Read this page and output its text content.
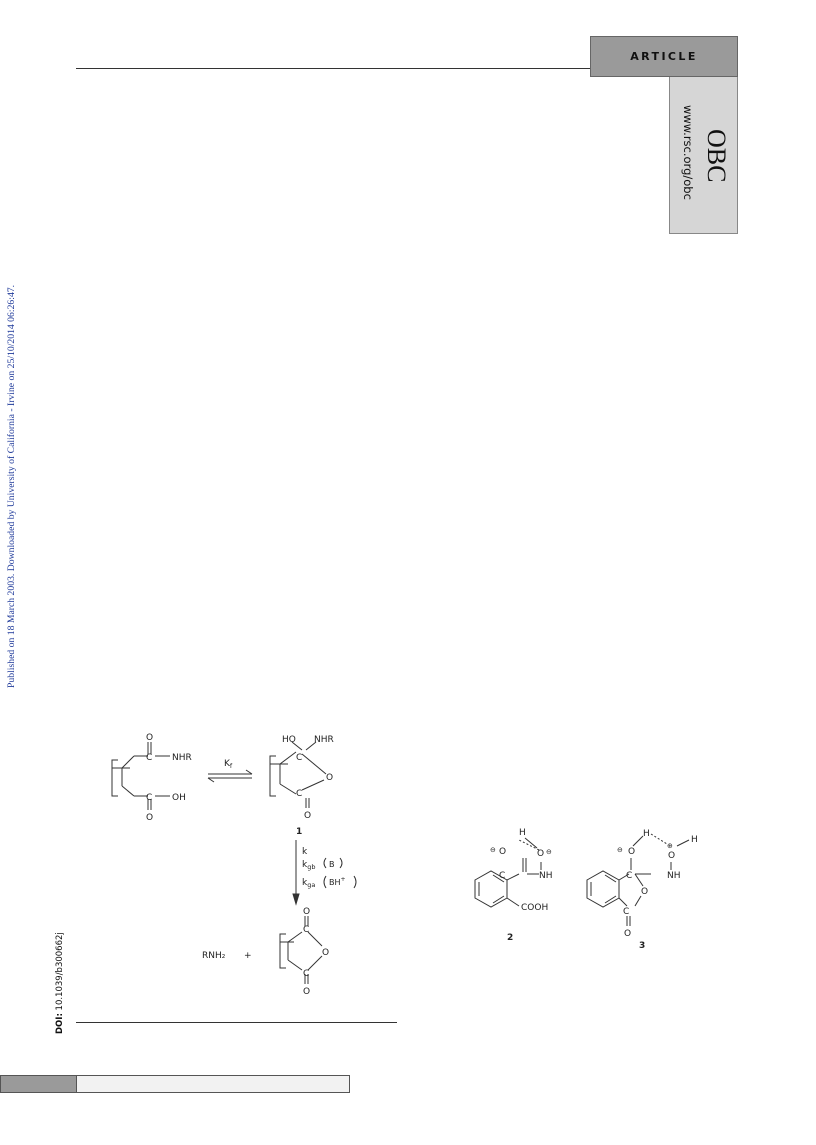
ARTICLE
OBC
www.rsc.org/obc
Published on 18 March 2003. Downloaded by University of California - Irvine on 25/10/2014 06:26:47.
DOI: 10.1039/b300662j
O
C NHR
C OH
O
$K_f$
HO NHR
C
O
C
O
1
k
$k_{gb}$ B
$k_{ga}$ BH+
RNH₂ +
O
C
O
C
O
H
⊖ O	O ⊖
C	NH
COOH
2
⊖ O
H
⊕
O
H
C	NH
O
C
O
3
